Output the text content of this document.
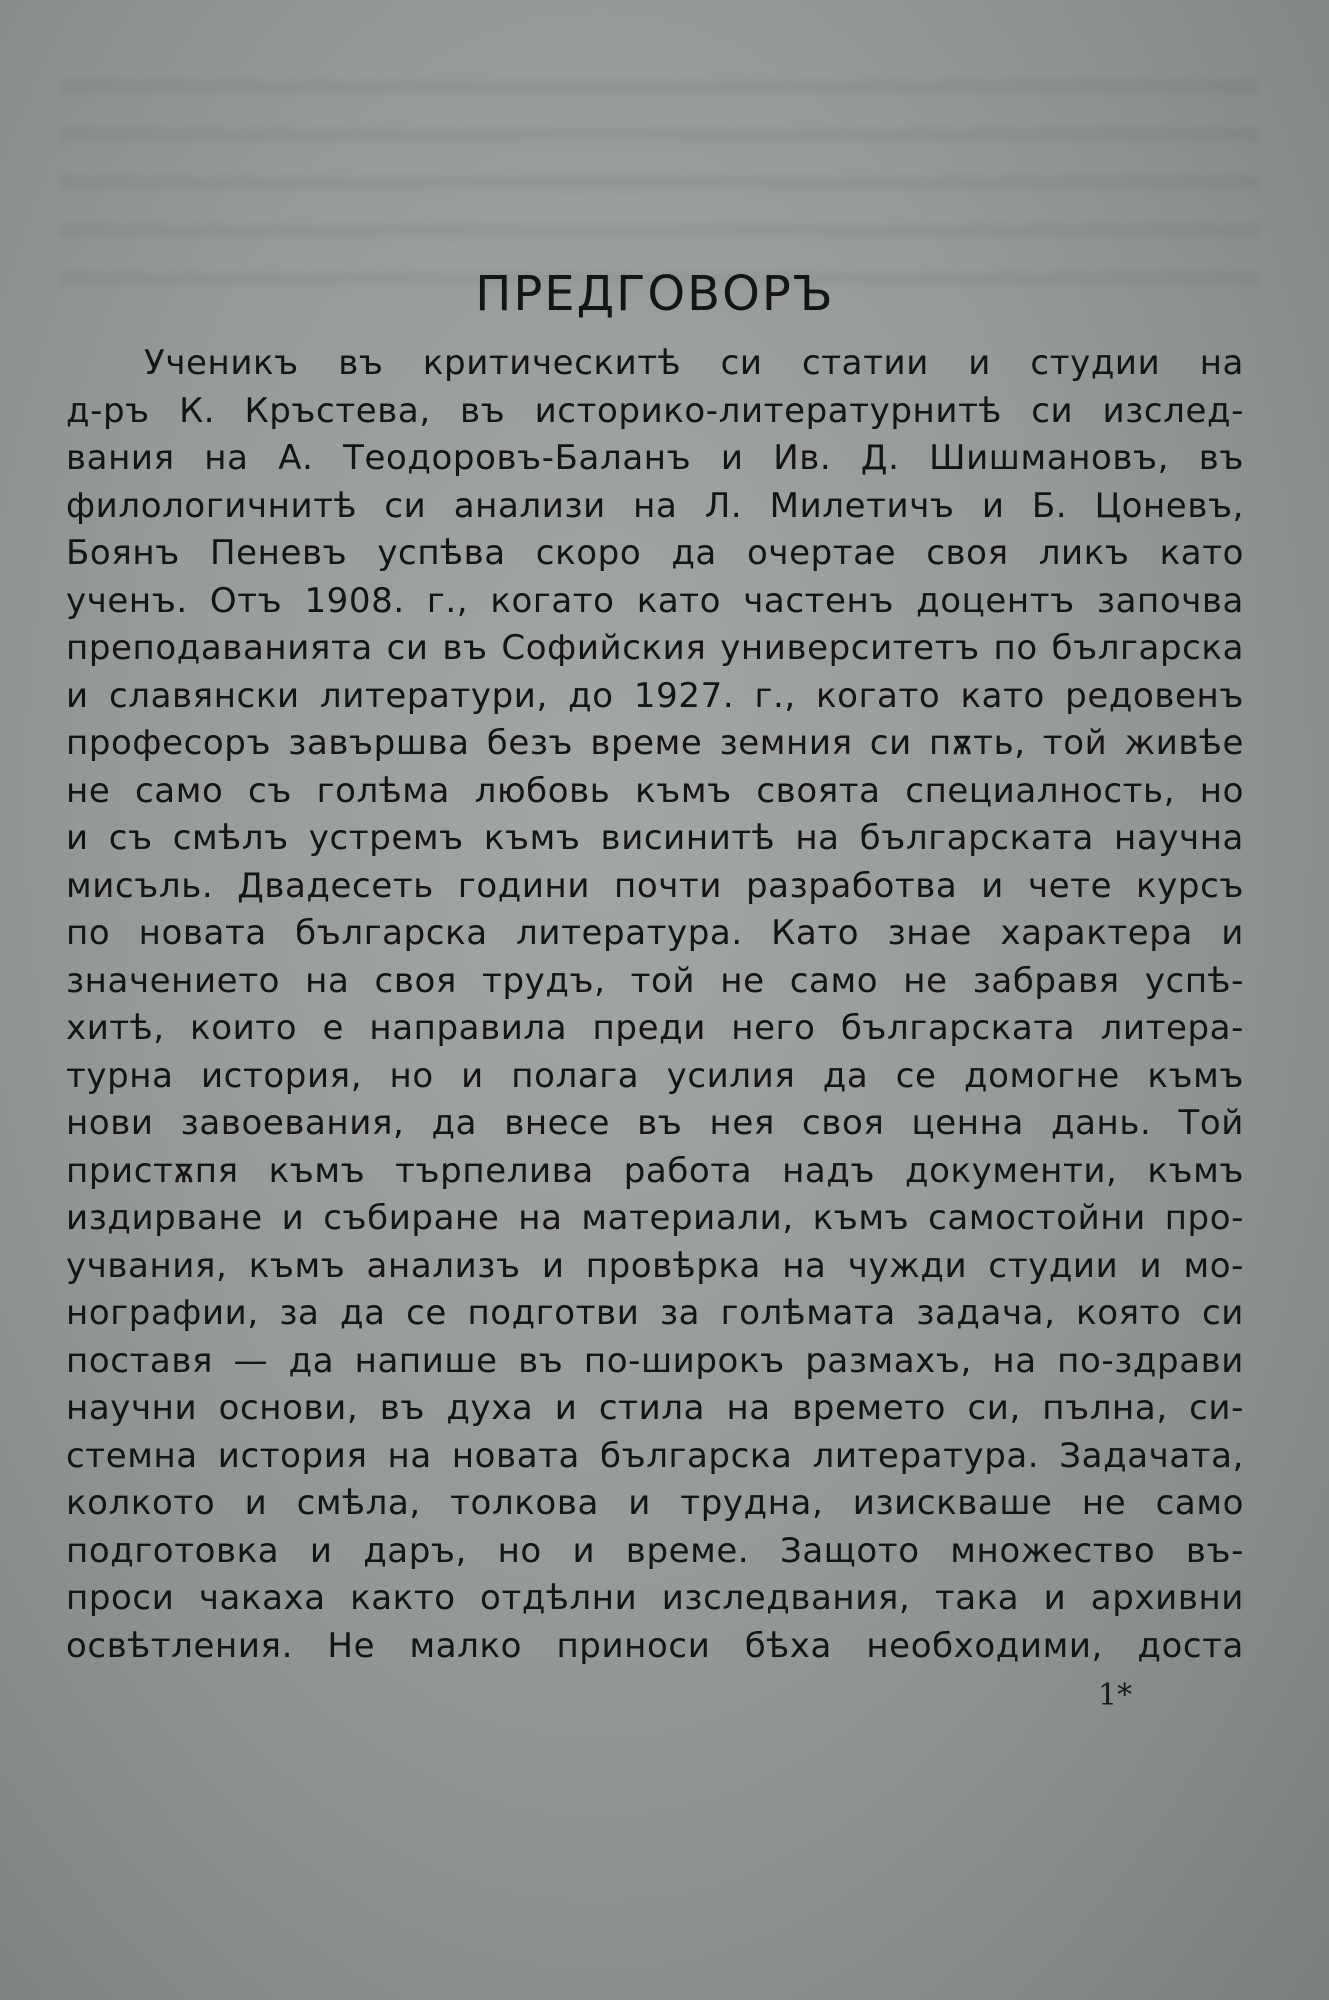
ПРЕДГОВОРЪ
Ученикъ въ критическитѣ си статии и студии на
д-ръ К. Кръстева, въ историко-литературнитѣ си изслед-
вания на А. Теодоровъ-Баланъ и Ив. Д. Шишмановъ, въ
филологичнитѣ си анализи на Л. Милетичъ и Б. Цоневъ,
Боянъ Пеневъ успѣва скоро да очертае своя ликъ като
ученъ. Отъ 1908. г., когато като частенъ доцентъ започва
преподаванията си въ Софийския университетъ по българска
и славянски литератури, до 1927. г., когато като редовенъ
професоръ завършва безъ време земния си пѫть, той живѣе
не само съ голѣма любовь къмъ своята специалность, но
и съ смѣлъ устремъ къмъ висинитѣ на българската научна
мисъль. Двадесеть години почти разработва и чете курсъ
по новата българска литература. Като знае характера и
значението на своя трудъ, той не само не забравя успѣ-
хитѣ, които е направила преди него българската литера-
турна история, но и полага усилия да се домогне къмъ
нови завоевания, да внесе въ нея своя ценна дань. Той
пристѫпя къмъ търпелива работа надъ документи, къмъ
издирване и събиране на материали, къмъ самостойни про-
учвания, къмъ анализъ и провѣрка на чужди студии и мо-
нографии, за да се подготви за голѣмата задача, която си
поставя — да напише въ по-широкъ размахъ, на по-здрави
научни основи, въ духа и стила на времето си, пълна, си-
стемна история на новата българска литература. Задачата,
колкото и смѣла, толкова и трудна, изискваше не само
подготовка и даръ, но и време. Защото множество въ-
проси чакаха както отдѣлни изследвания, така и архивни
освѣтления. Не малко приноси бѣха необходими, доста
1*
